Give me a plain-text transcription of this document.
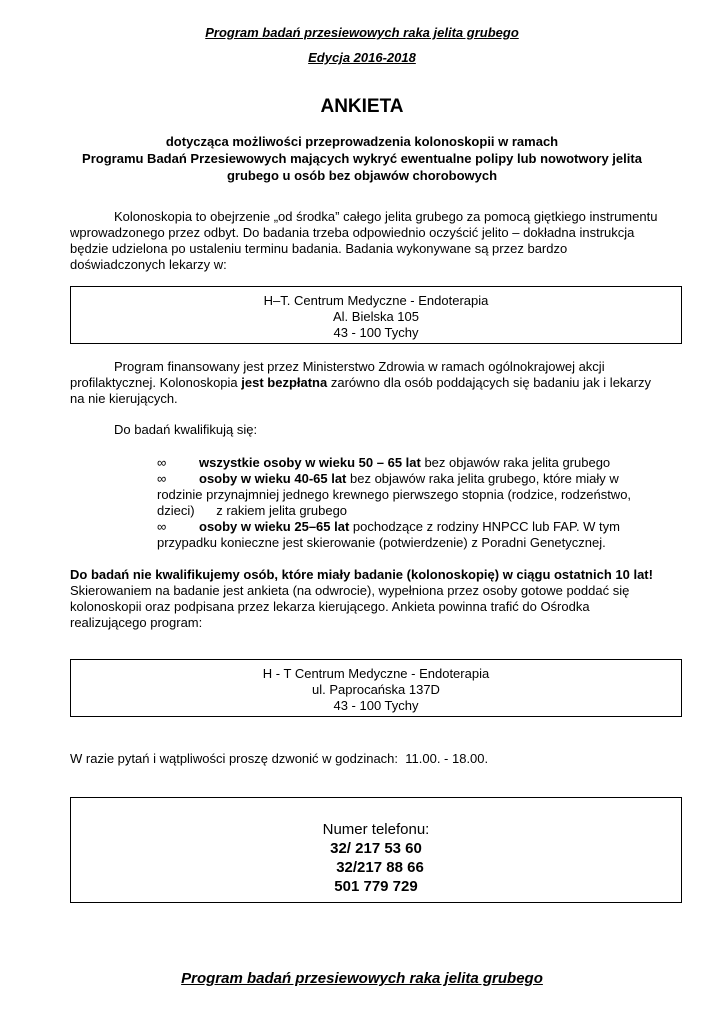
Program badań przesiewowych raka jelita grubego
Edycja 2016-2018
ANKIETA
dotycząca możliwości przeprowadzenia kolonoskopii w ramach
Programu Badań Przesiewowych mających wykryć ewentualne polipy lub nowotwory jelita
grubego u osób bez objawów chorobowych
Kolonoskopia to obejrzenie „od środka” całego jelita grubego za pomocą giętkiego instrumentu
wprowadzonego przez odbyt. Do badania trzeba odpowiednio oczyścić jelito – dokładna instrukcja
będzie udzielona po ustaleniu terminu badania. Badania wykonywane są przez bardzo
doświadczonych lekarzy w:
H–T. Centrum Medyczne - Endoterapia
Al. Bielska 105
43 - 100 Tychy
Program finansowany jest przez Ministerstwo Zdrowia w ramach ogólnokrajowej akcji
profilaktycznej. Kolonoskopia jest bezpłatna zarówno dla osób poddających się badaniu jak i lekarzy
na nie kierujących.
Do badań kwalifikują się:
∞	wszystkie osoby w wieku 50 – 65 lat bez objawów raka jelita grubego
∞	osoby w wieku 40-65 lat bez objawów raka jelita grubego, które miały w
rodzinie przynajmniej jednego krewnego pierwszego stopnia (rodzice, rodzeństwo,
dzieci)      z rakiem jelita grubego
∞	osoby w wieku 25–65 lat pochodzące z rodziny HNPCC lub FAP. W tym
przypadku konieczne jest skierowanie (potwierdzenie) z Poradni Genetycznej.
Do badań nie kwalifikujemy osób, które miały badanie (kolonoskopię) w ciągu ostatnich 10 lat!
Skierowaniem na badanie jest ankieta (na odwrocie), wypełniona przez osoby gotowe poddać się
kolonoskopii oraz podpisana przez lekarza kierującego. Ankieta powinna trafić do Ośrodka
realizującego program:
H - T Centrum Medyczne - Endoterapia
ul. Paprocańska 137D
43 - 100 Tychy
W razie pytań i wątpliwości proszę dzwonić w godzinach:  11.00. - 18.00.
Numer telefonu:
32/ 217 53 60
32/217 88 66
501 779 729
Program badań przesiewowych raka jelita grubego
